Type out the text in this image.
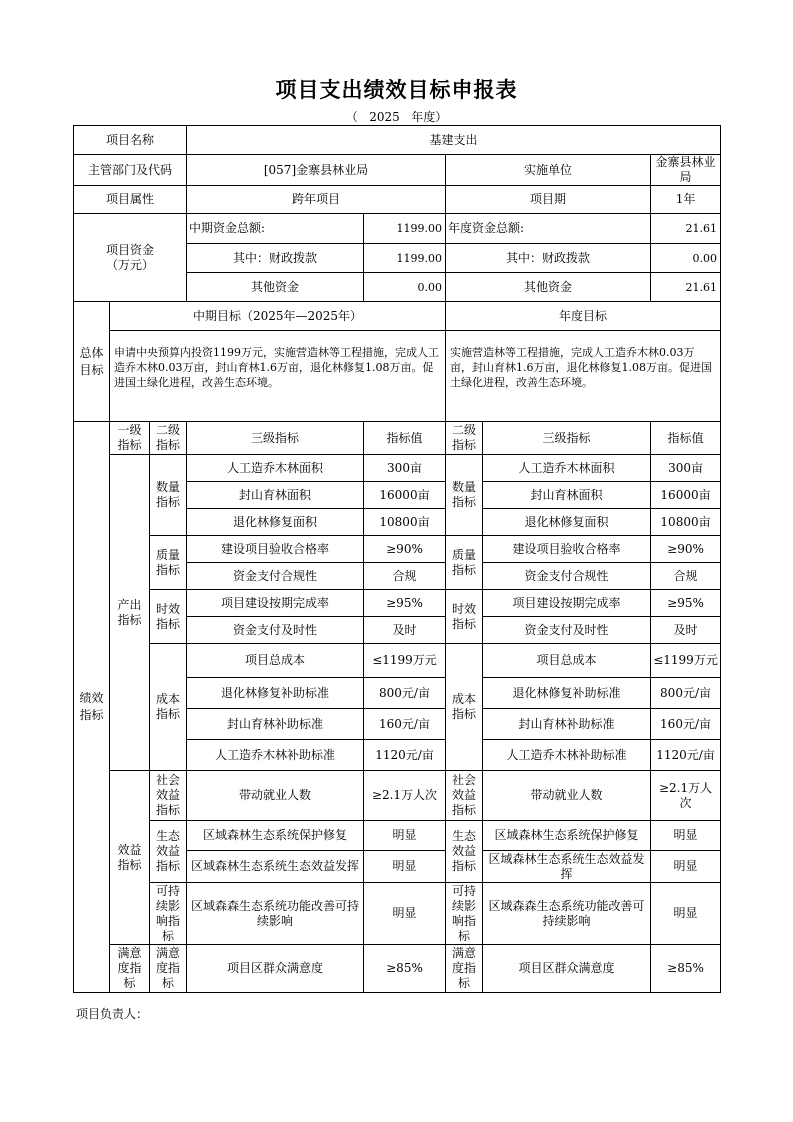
项目支出绩效目标申报表
（ 2025 年度）
项目名称			基建支出				
主管部门及代码			[057]金寨县林业局		实施单位		金寨县林业局
项目属性			跨年项目		项目期		1年
项目资金
（万元）			中期资金总额:	1199.00	年度资金总额:		21.61
			其中：财政拨款	1199.00	其中：财政拨款		0.00
			其他资金	0.00	其他资金		21.61
总体目标	中期目标（2025年—2025年）				年度目标		
	申请中央预算内投资1199万元，实施营造林等工程措施，完成人工造乔木林0.03万亩，封山育林1.6万亩，退化林修复1.08万亩。促进国土绿化进程，改善生态环境。				实施营造林等工程措施，完成人工造乔木林0.03万亩，封山育林1.6万亩，退化林修复1.08万亩。促进国土绿化进程，改善生态环境。		
绩效指标	一级指标	二级指标	三级指标	指标值	二级指标	三级指标	指标值
	产出指标	数量指标	人工造乔木林面积	300亩	数量指标	人工造乔木林面积	300亩
			封山育林面积	16000亩		封山育林面积	16000亩
			退化林修复面积	10800亩		退化林修复面积	10800亩
		质量指标	建设项目验收合格率	≥90%	质量指标	建设项目验收合格率	≥90%
			资金支付合规性	合规		资金支付合规性	合规
		时效指标	项目建设按期完成率	≥95%	时效指标	项目建设按期完成率	≥95%
			资金支付及时性	及时		资金支付及时性	及时
		成本指标	项目总成本	≤1199万元	成本指标	项目总成本	≤1199万元
			退化林修复补助标准	800元/亩		退化林修复补助标准	800元/亩
			封山育林补助标准	160元/亩		封山育林补助标准	160元/亩
			人工造乔木林补助标准	1120元/亩		人工造乔木林补助标准	1120元/亩
	效益指标	社会效益指标	带动就业人数	≥2.1万人次	社会效益指标	带动就业人数	≥2.1万人次
		生态效益指标	区域森林生态系统保护修复	明显	生态效益指标	区域森林生态系统保护修复	明显
			区域森林生态系统生态效益发挥	明显		区域森林生态系统生态效益发挥	明显
		可持续影响指标	区域森森生态系统功能改善可持续影响	明显	可持续影响指标	区域森森生态系统功能改善可持续影响	明显
	满意度指标	满意度指标	项目区群众满意度	≥85%	满意度指标	项目区群众满意度	≥85%
项目负责人：
